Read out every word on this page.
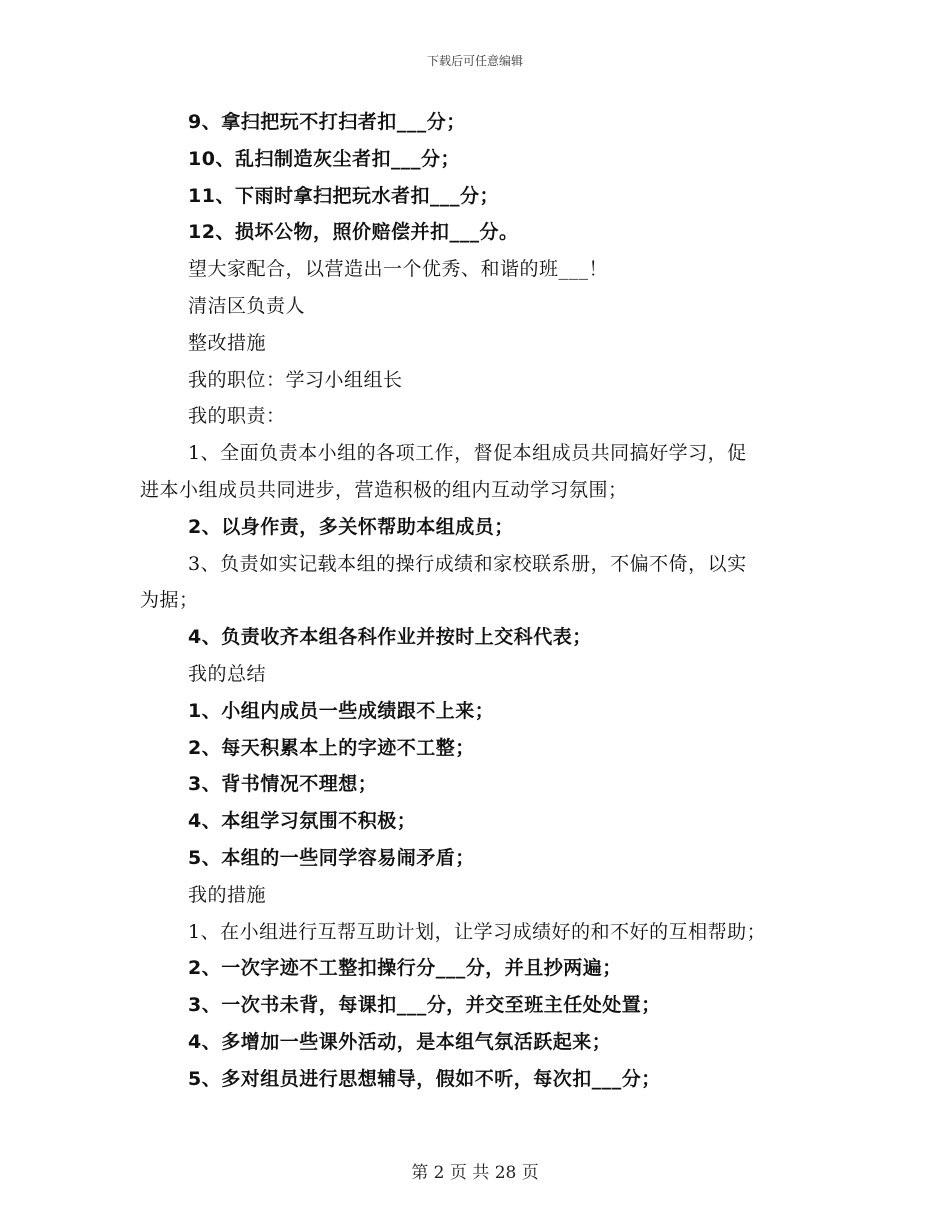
下载后可任意编辑
9、拿扫把玩不打扫者扣___分；
10、乱扫制造灰尘者扣___分；
11、下雨时拿扫把玩水者扣___分；
12、损坏公物，照价赔偿并扣___分。
望大家配合，以营造出一个优秀、和谐的班___！
清洁区负责人
整改措施
我的职位：学习小组组长
我的职责：
1、全面负责本小组的各项工作，督促本组成员共同搞好学习，促
进本小组成员共同进步，营造积极的组内互动学习氛围；
2、以身作责，多关怀帮助本组成员；
3、负责如实记载本组的操行成绩和家校联系册，不偏不倚，以实
为据；
4、负责收齐本组各科作业并按时上交科代表；
我的总结
1、小组内成员一些成绩跟不上来；
2、每天积累本上的字迹不工整；
3、背书情况不理想；
4、本组学习氛围不积极；
5、本组的一些同学容易闹矛盾；
我的措施
1、在小组进行互帮互助计划，让学习成绩好的和不好的互相帮助；
2、一次字迹不工整扣操行分___分，并且抄两遍；
3、一次书未背，每课扣___分，并交至班主任处处置；
4、多增加一些课外活动，是本组气氛活跃起来；
5、多对组员进行思想辅导，假如不听，每次扣___分；
第 2 页 共 28 页
